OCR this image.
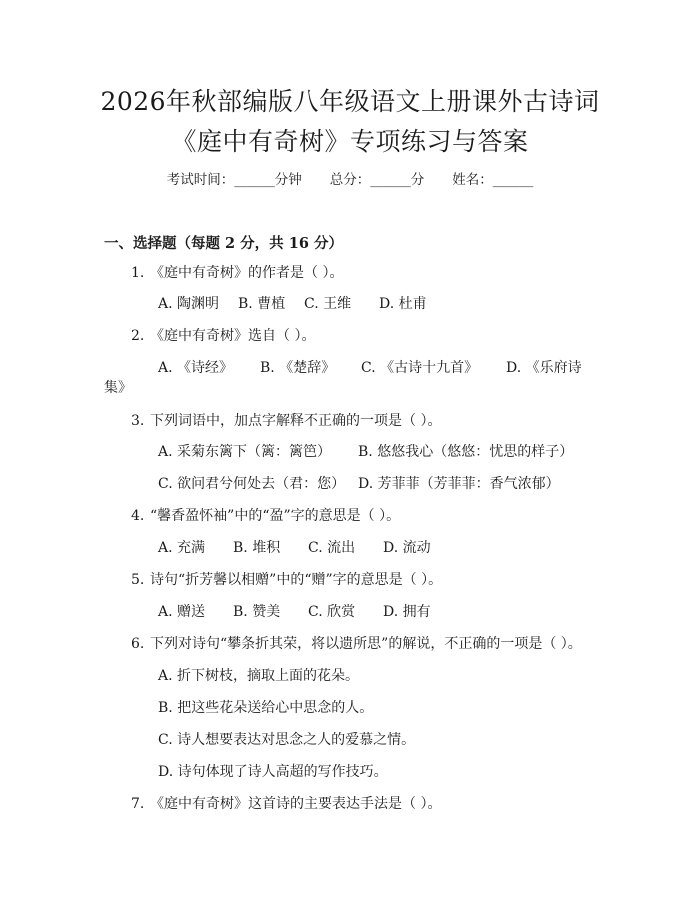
2026年秋部编版八年级语文上册课外古诗词
《庭中有奇树》专项练习与答案
考试时间：______分钟 总分：______分 姓名：______
一、选择题（每题 2 分，共 16 分）
1. 《庭中有奇树》的作者是（ ）。
A. 陶渊明 B. 曹植 C. 王维 D. 杜甫
2. 《庭中有奇树》选自（ ）。
A. 《诗经》 B. 《楚辞》 C. 《古诗十九首》 D. 《乐府诗
集》
3. 下列词语中，加点字解释不正确的一项是（ ）。
A. 采菊东篱下（篱：篱笆） B. 悠悠我心（悠悠：忧思的样子）
C. 欲问君兮何处去（君：您） D. 芳菲菲（芳菲菲：香气浓郁）
4. “馨香盈怀袖”中的“盈”字的意思是（ ）。
A. 充满 B. 堆积 C. 流出 D. 流动
5. 诗句“折芳馨以相赠”中的“赠”字的意思是（ ）。
A. 赠送 B. 赞美 C. 欣赏 D. 拥有
6. 下列对诗句“攀条折其荣，将以遗所思”的解说，不正确的一项是（ ）。
A. 折下树枝，摘取上面的花朵。
B. 把这些花朵送给心中思念的人。
C. 诗人想要表达对思念之人的爱慕之情。
D. 诗句体现了诗人高超的写作技巧。
7. 《庭中有奇树》这首诗的主要表达手法是（ ）。
